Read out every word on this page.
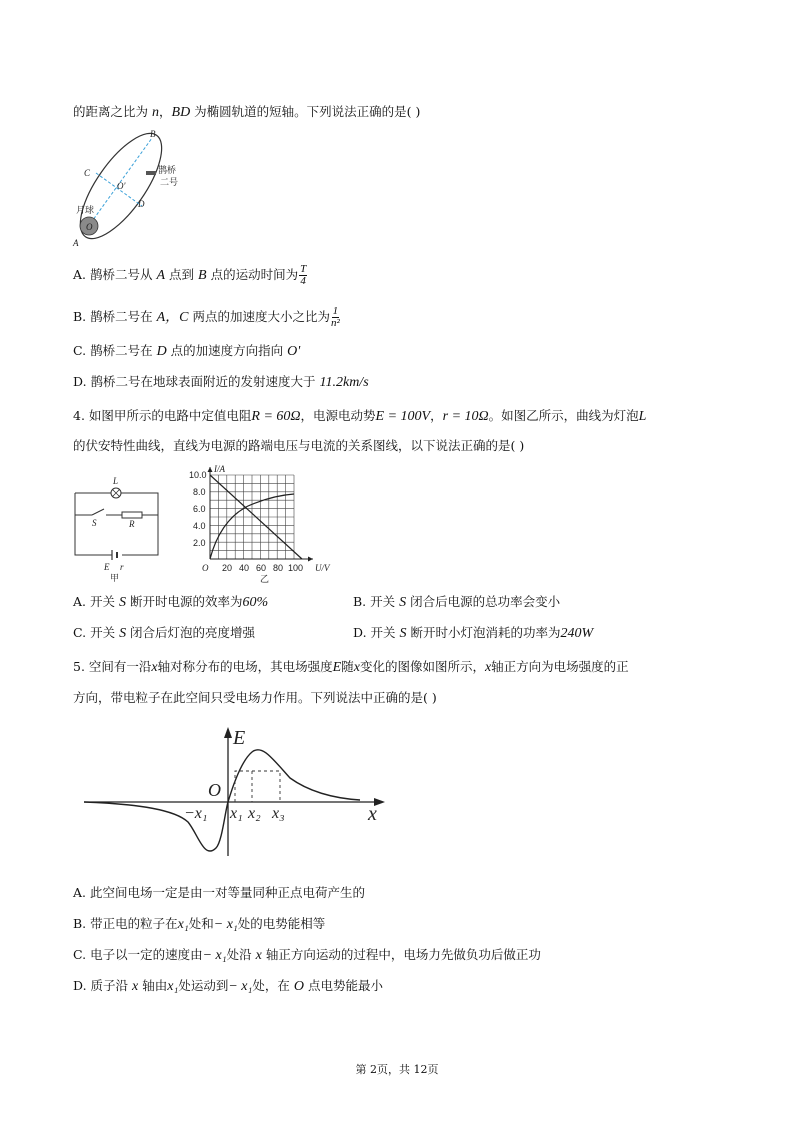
的距离之比为 n，BD 为椭圆轨道的短轴。下列说法正确的是( )
B
C
O'
D
A
O
月球
鹊桥
二号
A. 鹊桥二号从 A 点到 B 点的运动时间为 $\frac{T}{4}$
B. 鹊桥二号在 A，C 两点的加速度大小之比为 $\frac{1}{\text{n²}}$
C. 鹊桥二号在 D 点的加速度方向指向 O'
D. 鹊桥二号在地球表面附近的发射速度大于 11.2km/s
4. 如图甲所示的电路中定值电阻R = 60Ω，电源电动势E = 100V，r = 10Ω。如图乙所示，曲线为灯泡L
的伏安特性曲线，直线为电源的路端电压与电流的关系图线，以下说法正确的是( )
L
S	R
E r
甲
I/A
U/V
O
10.0
8.0
6.0
4.0
2.0
20 40 60 80 100
乙
A. 开关 S 断开时电源的效率为60%	B. 开关 S 闭合后电源的总功率会变小
C. 开关 S 闭合后灯泡的亮度增强	D. 开关 S 断开时小灯泡消耗的功率为240W
5. 空间有一沿x轴对称分布的电场，其电场强度E随x变化的图像如图所示，x轴正方向为电场强度的正
方向，带电粒子在此空间只受电场力作用。下列说法中正确的是( )
E
O
x
−x₁ x₁ x₂ x₃
A. 此空间电场一定是由一对等量同种正点电荷产生的
B. 带正电的粒子在x₁处和− x₁处的电势能相等
C. 电子以一定的速度由− x₁处沿 x 轴正方向运动的过程中，电场力先做负功后做正功
D. 质子沿 x 轴由x₁处运动到− x₁处，在 O 点电势能最小
第 2页，共 12页
